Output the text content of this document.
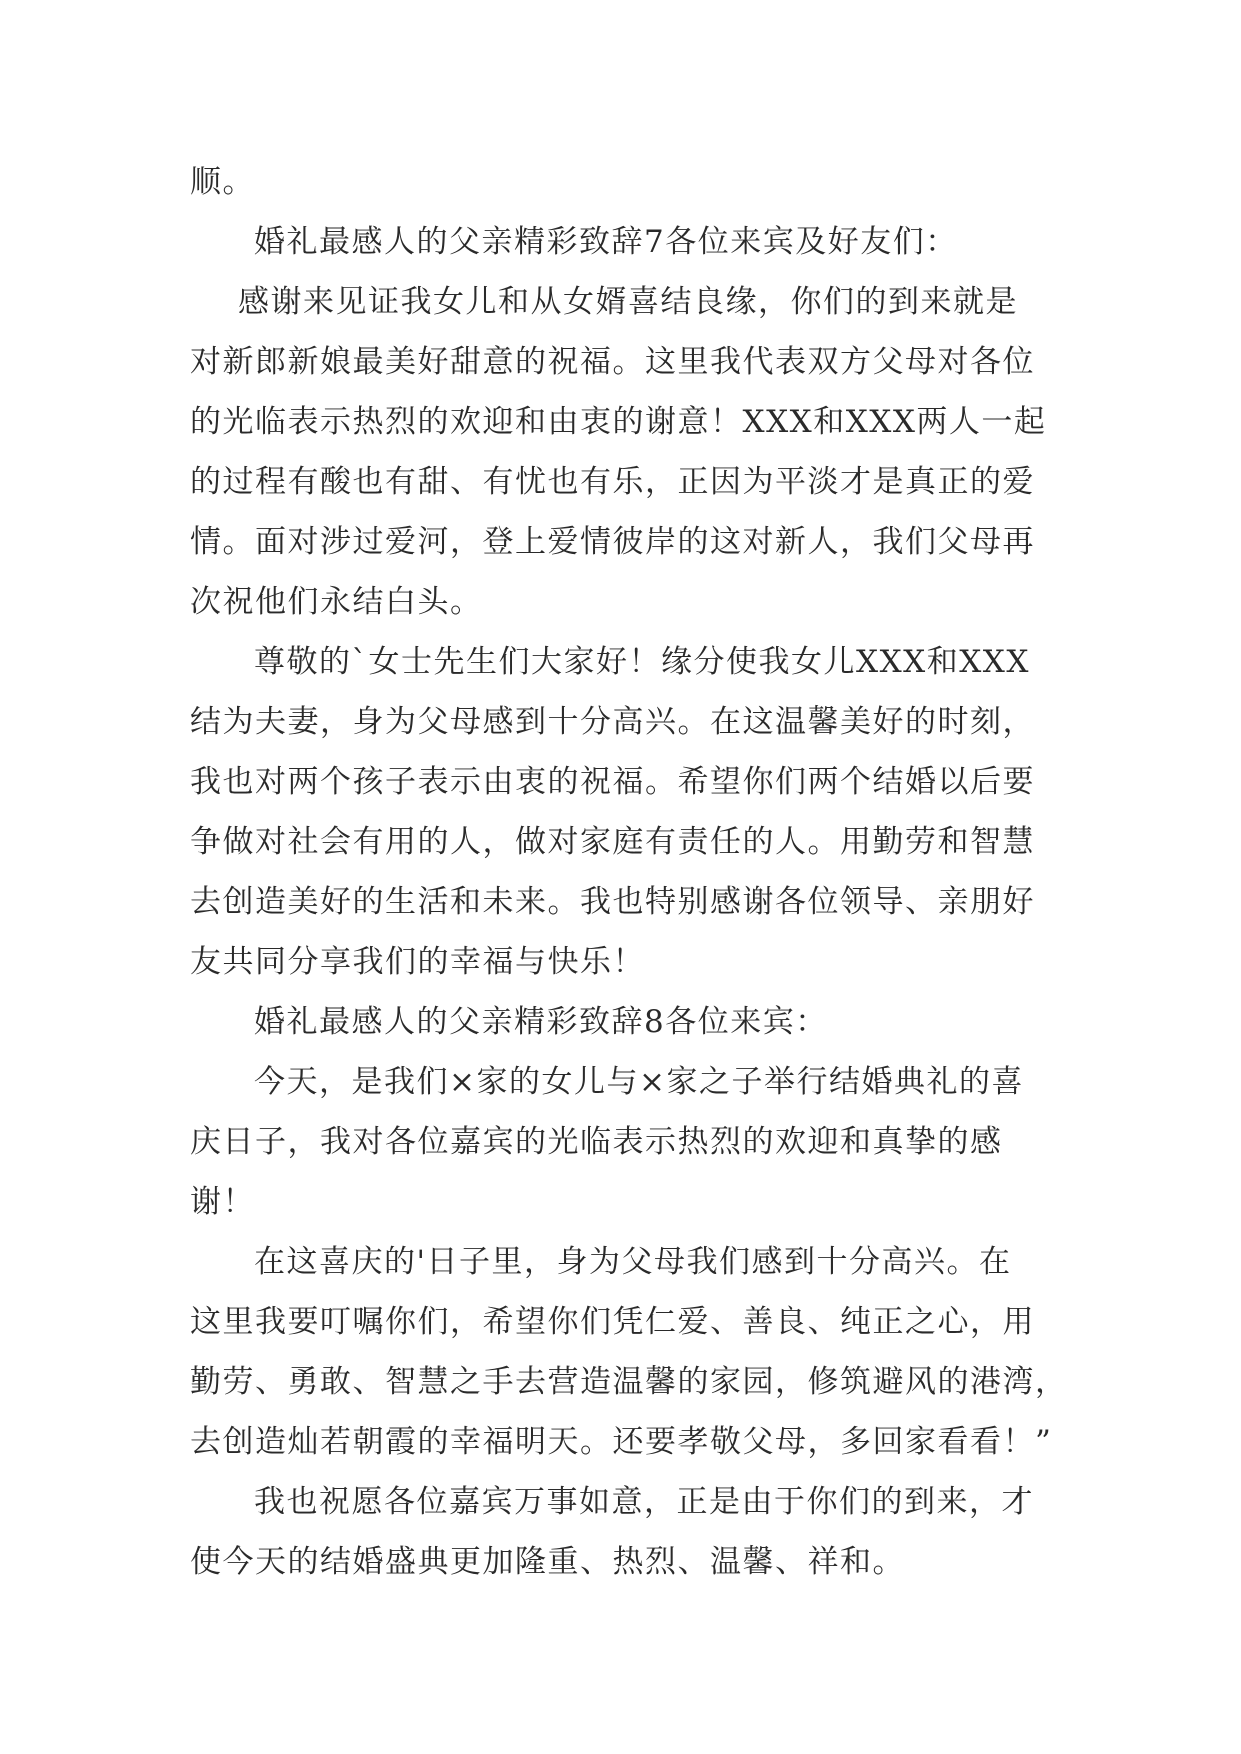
顺。
婚礼最感人的父亲精彩致辞7各位来宾及好友们：
感谢来见证我女儿和从女婿喜结良缘，你们的到来就是
对新郎新娘最美好甜意的祝福。这里我代表双方父母对各位
的光临表示热烈的欢迎和由衷的谢意！XXX和XXX两人一起
的过程有酸也有甜、有忧也有乐，正因为平淡才是真正的爱
情。面对涉过爱河，登上爱情彼岸的这对新人，我们父母再
次祝他们永结白头。
尊敬的`女士先生们大家好！缘分使我女儿XXX和XXX
结为夫妻，身为父母感到十分高兴。在这温馨美好的时刻，
我也对两个孩子表示由衷的祝福。希望你们两个结婚以后要
争做对社会有用的人，做对家庭有责任的人。用勤劳和智慧
去创造美好的生活和未来。我也特别感谢各位领导、亲朋好
友共同分享我们的幸福与快乐！
婚礼最感人的父亲精彩致辞8各位来宾：
今天，是我们×家的女儿与×家之子举行结婚典礼的喜
庆日子，我对各位嘉宾的光临表示热烈的欢迎和真挚的感
谢！
在这喜庆的'日子里，身为父母我们感到十分高兴。在
这里我要叮嘱你们，希望你们凭仁爱、善良、纯正之心，用
勤劳、勇敢、智慧之手去营造温馨的家园，修筑避风的港湾，
去创造灿若朝霞的幸福明天。还要孝敬父母，多回家看看！”
我也祝愿各位嘉宾万事如意，正是由于你们的到来，才
使今天的结婚盛典更加隆重、热烈、温馨、祥和。
